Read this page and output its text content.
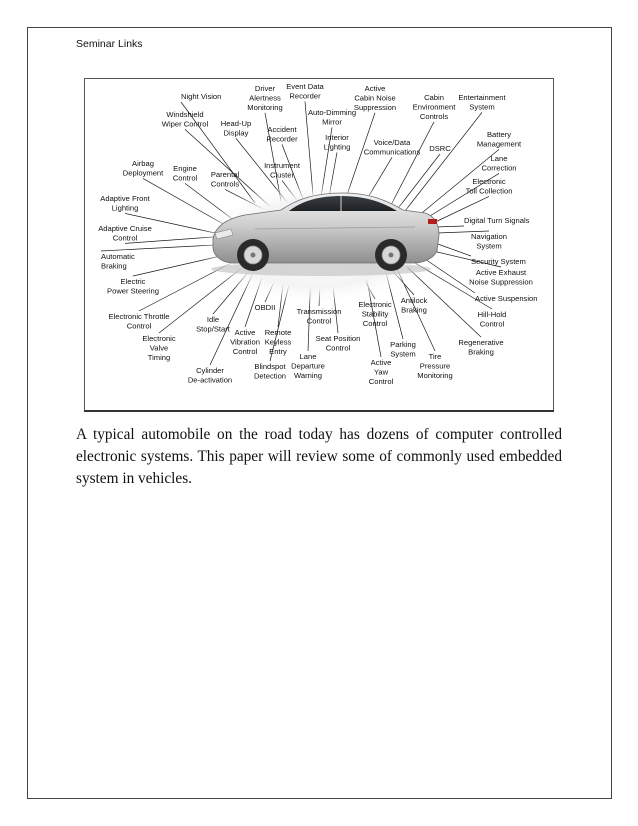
Seminar Links
Night Vision
Driver Alertness Monitoring
Event Data Recorder
Active Cabin Noise Suppression
Cabin Environment Controls
Entertainment System
Windshield Wiper Control Head-Up Display	Accident Recorder
Auto-Dimming Mirror
Battery Management
Interior Lighting	Voice/Data Communications DSRC
Engine Control Parental Controls
Instrument Cluster
Lane Correction
Airbag Deployment
Electronic Toll Collection
Adaptive Front Lighting
Digital Turn Signals
Adaptive Cruise Control	Navigation System
Automatic Braking	Security System
Active Exhaust Noise Suppression
Electric Power Steering
Active Suspension
Antilock Braking
OBDII
Electronic Throttle Control
Transmission Control
Electronic Stability Control
Hill-Hold Control
Idle Stop/Start Active Vibration Control
Remote Keyless Entry
Electronic Valve Timing
Seat Position Control	Parking System
Regenerative Braking
Tire Pressure Monitoring
Lane Departure Warning
Blindspot Detection
Cylinder De-activation
Active Yaw Control
A typical automobile on the road today has dozens of computer controlled electronic systems. This paper will review some of commonly used embedded system in vehicles.
